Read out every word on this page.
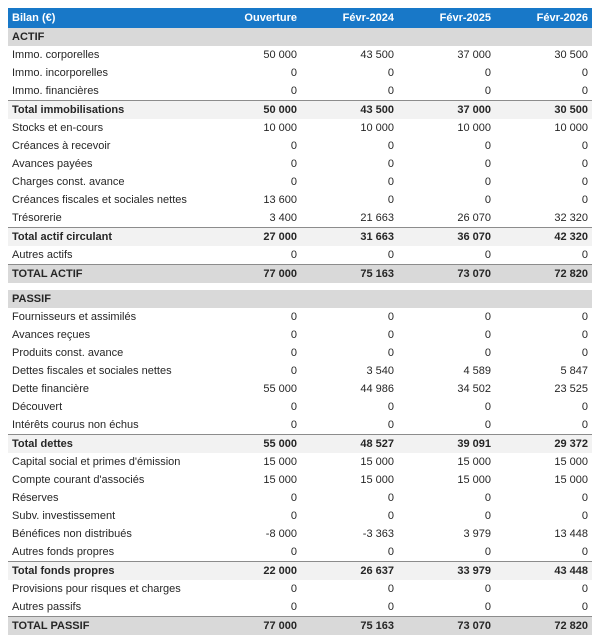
Bilan (€)	Ouverture	Févr-2024	Févr-2025	Févr-2026
ACTIF				
Immo. corporelles	50 000	43 500	37 000	30 500
Immo. incorporelles	0	0	0	0
Immo. financières	0	0	0	0
Total immobilisations	50 000	43 500	37 000	30 500
Stocks et en-cours	10 000	10 000	10 000	10 000
Créances à recevoir	0	0	0	0
Avances payées	0	0	0	0
Charges const. avance	0	0	0	0
Créances fiscales et sociales nettes	13 600	0	0	0
Trésorerie	3 400	21 663	26 070	32 320
Total actif circulant	27 000	31 663	36 070	42 320
Autres actifs	0	0	0	0
TOTAL ACTIF	77 000	75 163	73 070	72 820

PASSIF				
Fournisseurs et assimilés	0	0	0	0
Avances reçues	0	0	0	0
Produits const. avance	0	0	0	0
Dettes fiscales et sociales nettes	0	3 540	4 589	5 847
Dette financière	55 000	44 986	34 502	23 525
Découvert	0	0	0	0
Intérêts courus non échus	0	0	0	0
Total dettes	55 000	48 527	39 091	29 372
Capital social et primes d'émission	15 000	15 000	15 000	15 000
Compte courant d'associés	15 000	15 000	15 000	15 000
Réserves	0	0	0	0
Subv. investissement	0	0	0	0
Bénéfices non distribués	-8 000	-3 363	3 979	13 448
Autres fonds propres	0	0	0	0
Total fonds propres	22 000	26 637	33 979	43 448
Provisions pour risques et charges	0	0	0	0
Autres passifs	0	0	0	0
TOTAL PASSIF	77 000	75 163	73 070	72 820
